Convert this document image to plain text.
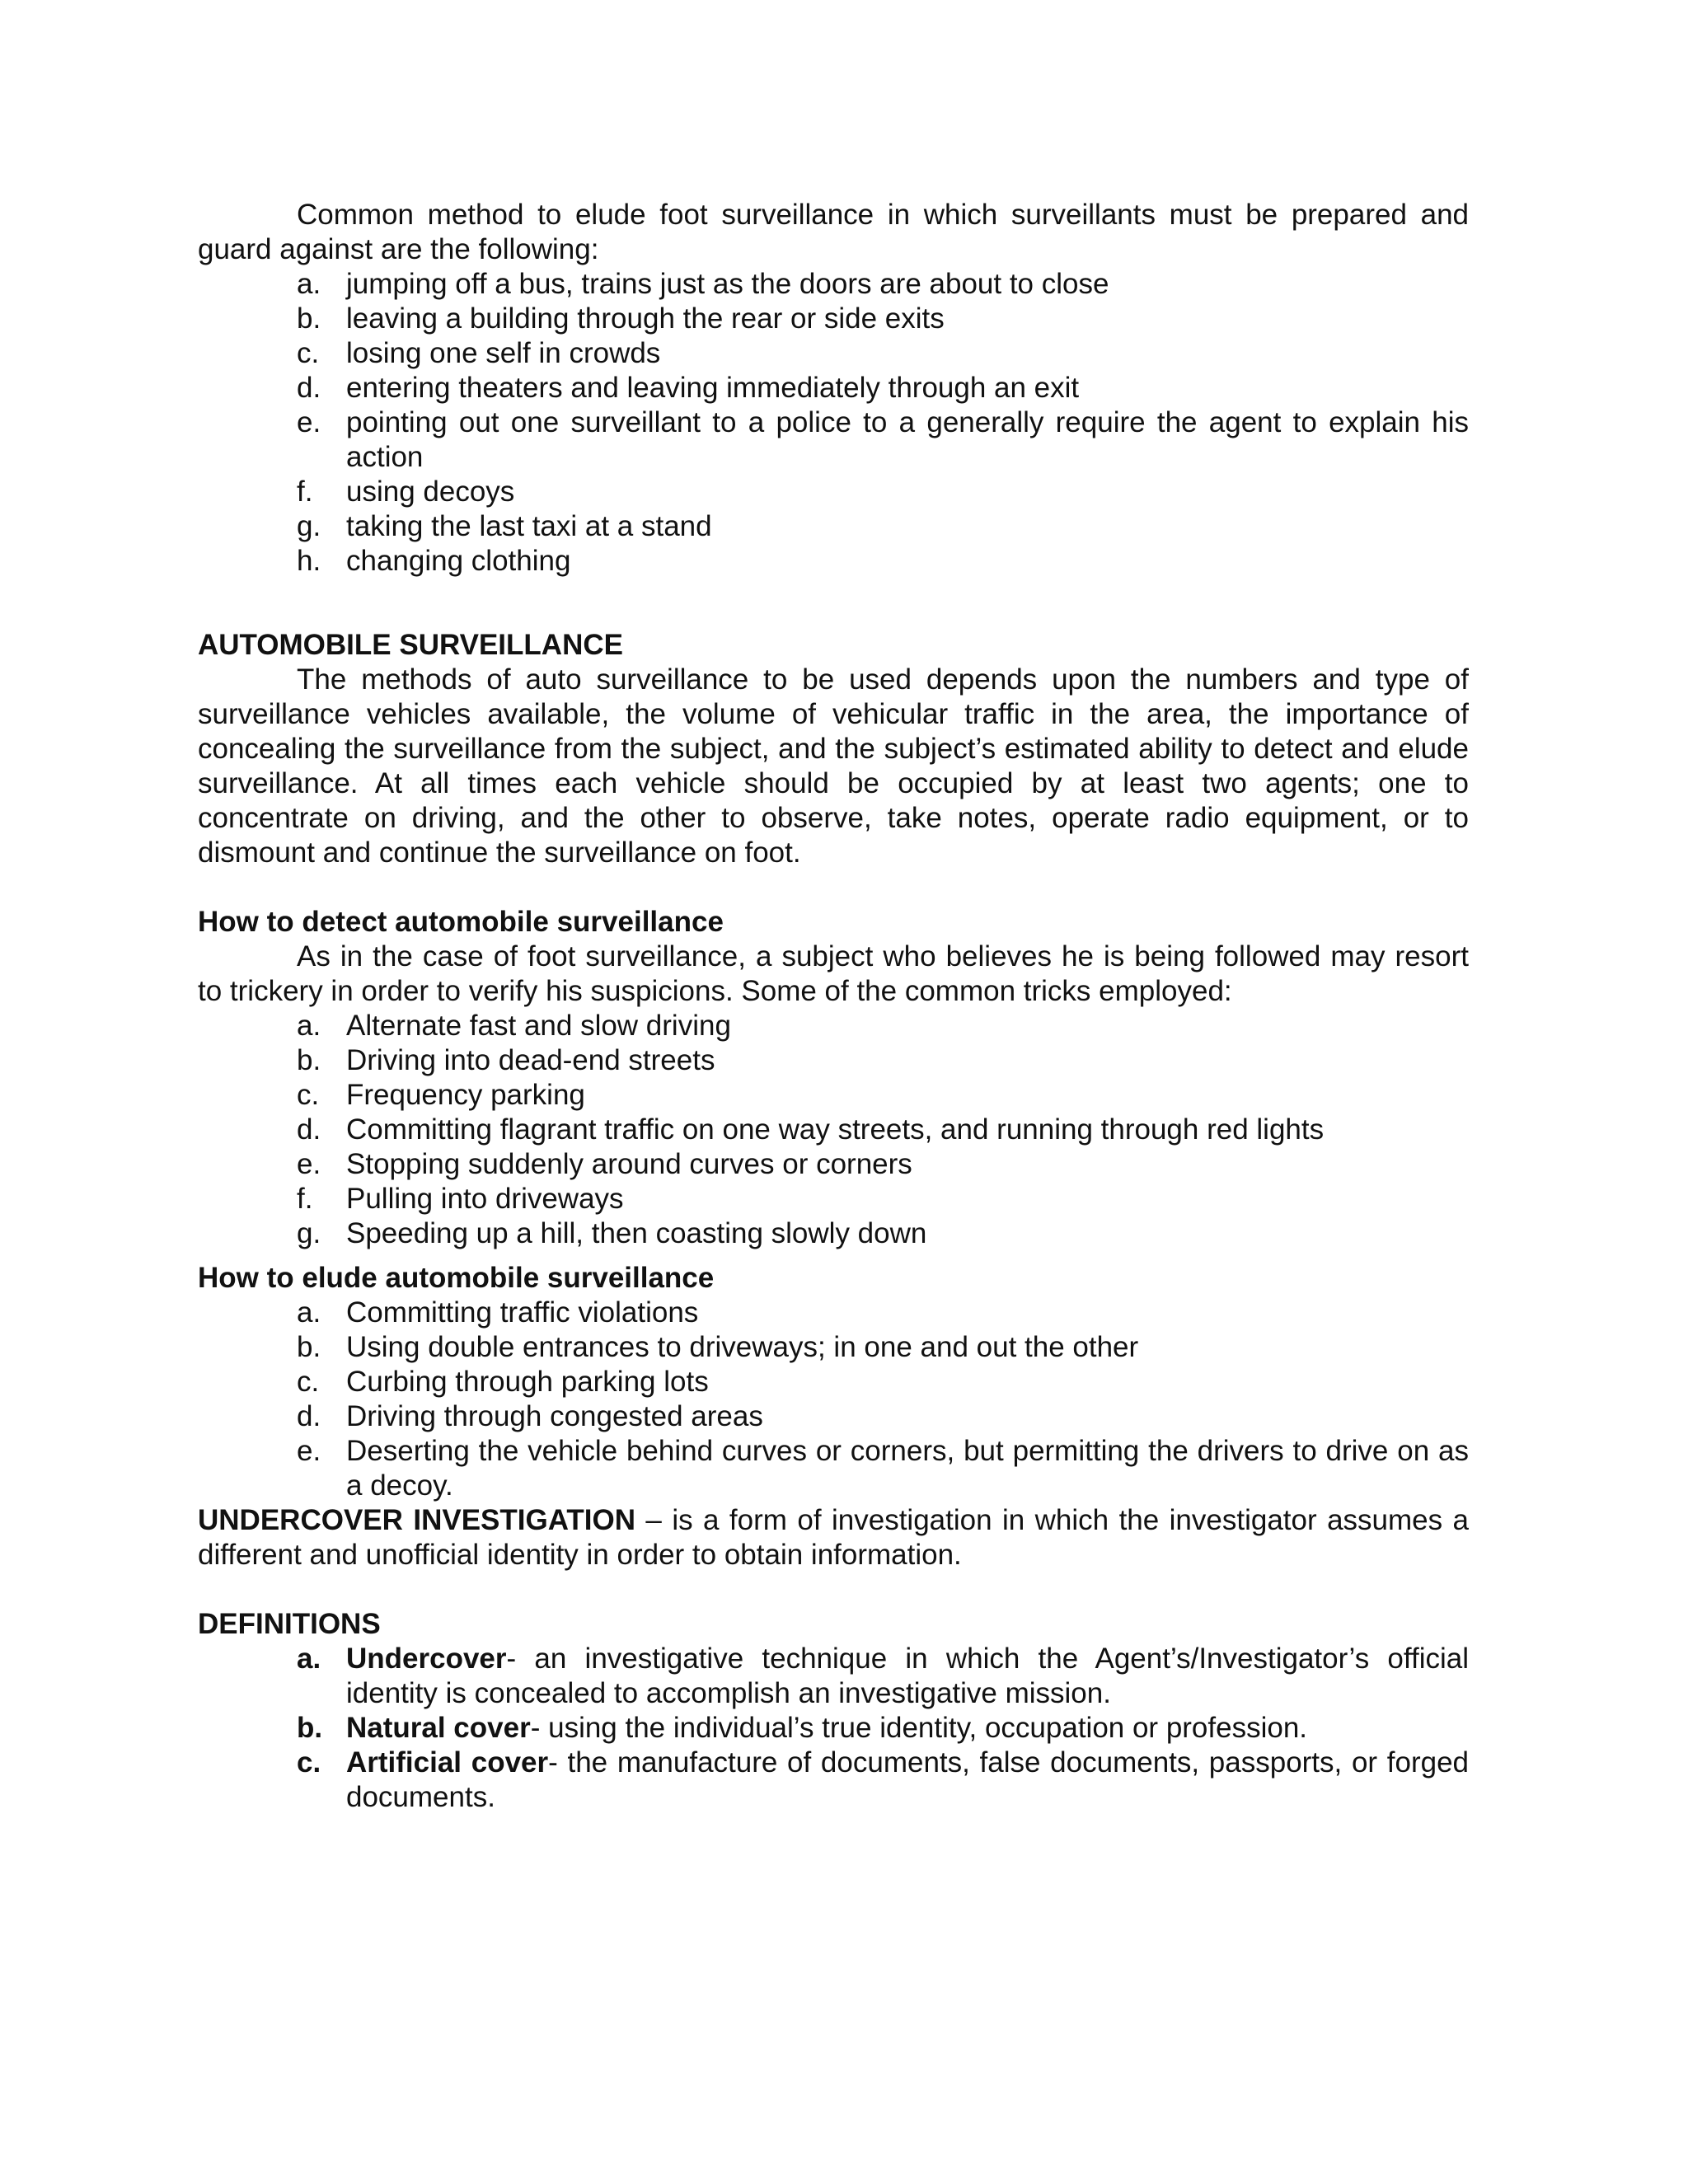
Common method to elude foot surveillance in which surveillants must be prepared and guard against are the following:

a. jumping off a bus, trains just as the doors are about to close
b. leaving a building through the rear or side exits
c. losing one self in crowds
d. entering theaters and leaving immediately through an exit
e. pointing out one surveillant to a police to a generally require the agent to explain his action
f.	using decoys
g. taking the last taxi at a stand
h. changing clothing

AUTOMOBILE SURVEILLANCE

The methods of auto surveillance to be used depends upon the numbers and type of surveillance vehicles available, the volume of vehicular traffic in the area, the importance of concealing the surveillance from the subject, and the subject’s estimated ability to detect and elude surveillance. At all times each vehicle should be occupied by at least two agents; one to concentrate on driving, and the other to observe, take notes, operate radio equipment, or to dismount and continue the surveillance on foot.

How to detect automobile surveillance

As in the case of foot surveillance, a subject who believes he is being followed may resort to trickery in order to verify his suspicions. Some of the common tricks employed:

a. Alternate fast and slow driving
b. Driving into dead-end streets
c. Frequency parking
d. Committing flagrant traffic on one way streets, and running through red lights
e. Stopping suddenly around curves or corners
f.	Pulling into driveways
g. Speeding up a hill, then coasting slowly down

How to elude automobile surveillance

a. Committing traffic violations
b. Using double entrances to driveways; in one and out the other
c. Curbing through parking lots
d. Driving through congested areas
e. Deserting the vehicle behind curves or corners, but permitting the drivers to drive on as a decoy.

UNDERCOVER INVESTIGATION – is a form of investigation in which the investigator assumes a different and unofficial identity in order to obtain information.

DEFINITIONS

a. Undercover- an investigative technique in which the Agent’s/Investigator’s official identity is concealed to accomplish an investigative mission.
b. Natural cover- using the individual’s true identity, occupation or profession.
c. Artificial cover- the manufacture of documents, false documents, passports, or forged documents.
